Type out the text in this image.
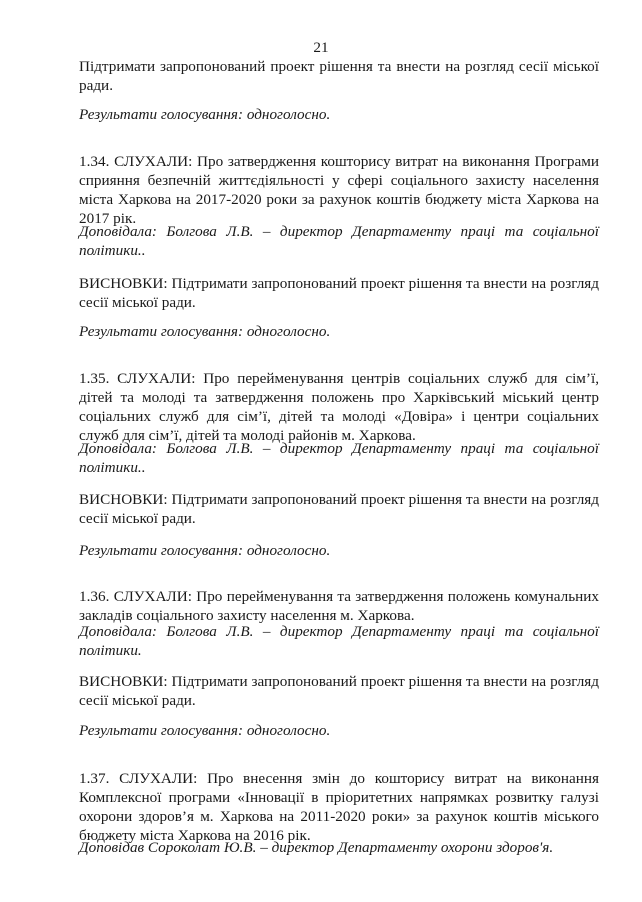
21
Підтримати запропонований проект рішення та внести на розгляд сесії міської ради.
Результати голосування: одноголосно.
1.34. СЛУХАЛИ: Про затвердження кошторису витрат на виконання Програми сприяння безпечній життєдіяльності у сфері соціального захисту населення міста Харкова на 2017-2020 роки за рахунок коштів бюджету міста Харкова на 2017 рік.
Доповідала: Болгова Л.В. – директор Департаменту праці та соціальної політики..
ВИСНОВКИ: Підтримати запропонований проект рішення та внести на розгляд сесії міської ради.
Результати голосування: одноголосно.
1.35. СЛУХАЛИ: Про перейменування центрів соціальних служб для сім’ї, дітей та молоді та затвердження положень про Харківський міський центр соціальних служб для сім’ї, дітей та молоді «Довіра» і центри соціальних служб для сім’ї, дітей та молоді районів м. Харкова.
Доповідала: Болгова Л.В. – директор Департаменту праці та соціальної політики..
ВИСНОВКИ: Підтримати запропонований проект рішення та внести на розгляд сесії міської ради.
Результати голосування: одноголосно.
1.36. СЛУХАЛИ: Про перейменування та затвердження положень комунальних закладів соціального захисту населення м. Харкова.
Доповідала: Болгова Л.В. – директор Департаменту праці та соціальної політики.
ВИСНОВКИ: Підтримати запропонований проект рішення та внести на розгляд сесії міської ради.
Результати голосування: одноголосно.
1.37. СЛУХАЛИ: Про внесення змін до кошторису витрат на виконання Комплексної програми «Інновації в пріоритетних напрямках розвитку галузі охорони здоров’я м. Харкова на 2011-2020 роки» за рахунок коштів міського бюджету міста Харкова на 2016 рік.
Доповідав Сороколат Ю.В. – директор Департаменту охорони здоров'я.
